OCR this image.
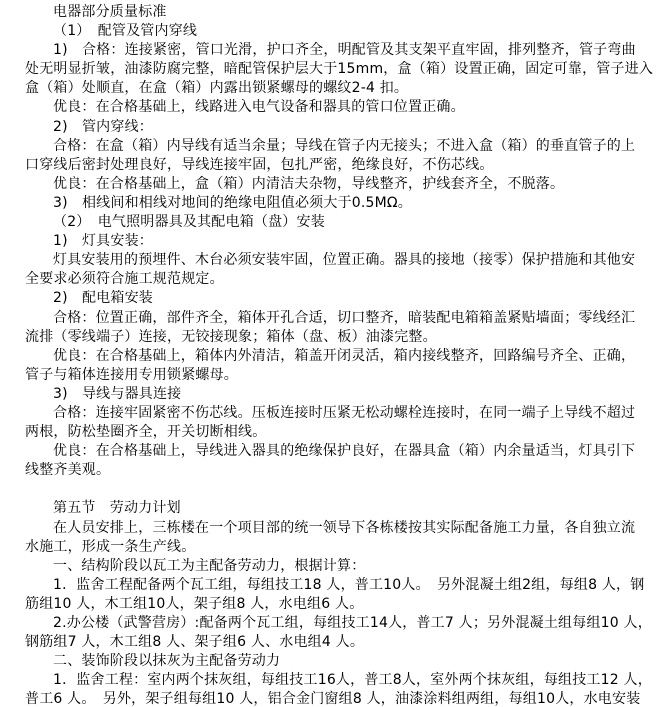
电器部分质量标准
（1）　配管及管内穿线
1)　合格：连接紧密，管口光滑，护口齐全，明配管及其支架平直牢固，排列整齐，管子弯曲
处无明显折皱，油漆防腐完整，暗配管保护层大于15mm，盒（箱）设置正确，固定可靠，管子进入
盒（箱）处顺直，在盒（箱）内露出锁紧螺母的螺纹2-4 扣。
优良：在合格基础上，线路进入电气设备和器具的管口位置正确。
2)　管内穿线：
合格：在盒（箱）内导线有适当余量；导线在管子内无接头；不进入盒（箱）的垂直管子的上
口穿线后密封处理良好，导线连接牢固，包扎严密，绝缘良好，不伤芯线。
优良：在合格基础上，盒（箱）内清洁夫杂物，导线整齐，护线套齐全，不脱落。
3)　相线间和相线对地间的绝缘电阻值必须大于0.5MΩ。
（2）　电气照明器具及其配电箱（盘）安装
1)　灯具安装：
灯具安装用的预埋件、木台必须安装牢固，位置正确。器具的接地（接零）保护措施和其他安
全要求必须符合施工规范规定。
2)　配电箱安装
合格：位置正确，部件齐全，箱体开孔合适，切口整齐，暗装配电箱箱盖紧贴墙面；零线经汇
流排（零线端子）连接，无铰接现象；箱体（盘、板）油漆完整。
优良：在合格基础上，箱体内外清洁，箱盖开闭灵活，箱内接线整齐，回路编号齐全、正确，
管子与箱体连接用专用锁紧螺母。
3)　导线与器具连接
合格：连接牢固紧密不伤芯线。压板连接时压紧无松动螺栓连接时，在同一端子上导线不超过
两根，防松垫圈齐全，开关切断相线。
优良：在合格基础上，导线进入器具的绝缘保护良好，在器具盒（箱）内余量适当，灯具引下
线整齐美观。

第五节　劳动力计划
在人员安排上，三栋楼在一个项目部的统一领导下各栋楼按其实际配备施工力量，各自独立流
水施工，形成一条生产线。
一、结构阶段以瓦工为主配备劳动力，根据计算：
1．监舍工程配备两个瓦工组，每组技工18 人，普工10人。　另外混凝土组2组，每组8 人，钢
筋组10 人，木工组10人，架子组8 人，水电组6 人。
2.办公楼（武警营房）:配备两个瓦工组，每组技工14人，普工7 人；另外混凝土组每组10 人，
钢筋组7 人，木工组8 人、架子组6 人、水电组4 人。
二、装饰阶段以抹灰为主配备劳动力
1．监舍工程：室内两个抹灰组，每组技工16人，普工8人，室外两个抹灰组，每组技工12 人，
普工6 人。　另外，架子组每组10 人，铝合金门窗组8 人，油漆涂料组两组，每组10人，水电安装
